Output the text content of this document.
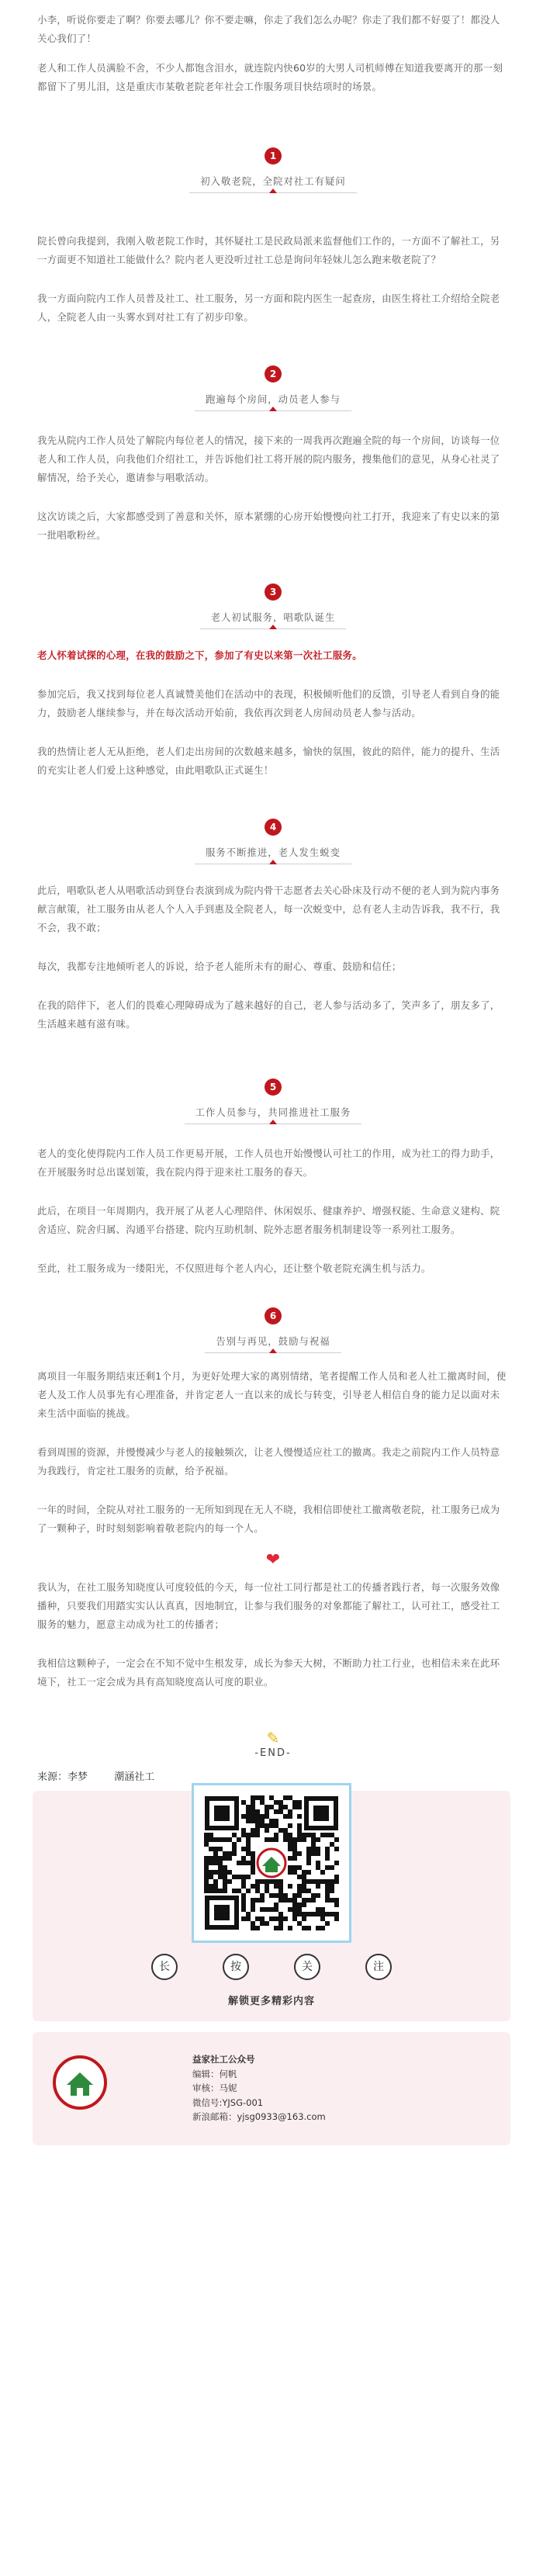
小李，听说你要走了啊？你要去哪儿？你不要走嘛，你走了我们怎么办呢？你走了我们都不好耍了！都没人关心我们了！

老人和工作人员满脸不舍，不少人都饱含泪水，就连院内快60岁的大男人司机师傅在知道我要离开的那一刻都留下了男儿泪，这是重庆市某敬老院老年社会工作服务项目快结项时的场景。

1
初入敬老院，全院对社工有疑问

院长曾向我提到，我刚入敬老院工作时，其怀疑社工是民政局派来监督他们工作的，一方面不了解社工，另一方面更不知道社工能做什么？院内老人更没听过社工总是询问年轻妹儿怎么跑来敬老院了？

我一方面向院内工作人员普及社工、社工服务，另一方面和院内医生一起查房，由医生将社工介绍给全院老人，全院老人由一头雾水到对社工有了初步印象。

2
跑遍每个房间，动员老人参与

我先从院内工作人员处了解院内每位老人的情况，接下来的一周我再次跑遍全院的每一个房间，访谈每一位老人和工作人员，向我他们介绍社工，并告诉他们社工将开展的院内服务，搜集他们的意见，从身心社灵了解情况，给予关心，邀请参与唱歌活动。

这次访谈之后，大家都感受到了善意和关怀，原本紧绷的心房开始慢慢向社工打开，我迎来了有史以来的第一批唱歌粉丝。

3
老人初试服务，唱歌队诞生

老人怀着试探的心理，在我的鼓励之下，参加了有史以来第一次社工服务。

参加完后，我又找到每位老人真诚赞美他们在活动中的表现，积极倾听他们的反馈，引导老人看到自身的能力，鼓励老人继续参与，并在每次活动开始前，我依再次到老人房间动员老人参与活动。

我的热情让老人无从拒绝，老人们走出房间的次数越来越多，愉快的氛围，彼此的陪伴，能力的提升、生活的充实让老人们爱上这种感觉，由此唱歌队正式诞生！

4
服务不断推进，老人发生蜕变

此后，唱歌队老人从唱歌活动到登台表演到成为院内骨干志愿者去关心卧床及行动不便的老人到为院内事务献言献策，社工服务由从老人个人入手到惠及全院老人，每一次蜕变中，总有老人主动告诉我，我不行，我不会，我不敢；

每次，我都专注地倾听老人的诉说，给予老人能所未有的耐心、尊重、鼓励和信任；

在我的陪伴下，老人们的畏难心理障碍成为了越来越好的自己，老人参与活动多了，笑声多了，朋友多了，生活越来越有滋有味。

5
工作人员参与，共同推进社工服务

老人的变化使得院内工作人员工作更易开展，工作人员也开始慢慢认可社工的作用，成为社工的得力助手，在开展服务时总出谋划策，我在院内得于迎来社工服务的春天。

此后，在项目一年周期内，我开展了从老人心理陪伴、休闲娱乐、健康养护、增强权能、生命意义建构、院舍适应、院舍归属、沟通平台搭建、院内互助机制、院外志愿者服务机制建设等一系列社工服务。

至此，社工服务成为一缕阳光，不仅照进每个老人内心，还让整个敬老院充满生机与活力。

6
告别与再见，鼓励与祝福

离项目一年服务期结束还剩1个月，为更好处理大家的离别情绪，笔者提醒工作人员和老人社工撤离时间，使老人及工作人员事先有心理准备，并肯定老人一直以来的成长与转变，引导老人相信自身的能力足以面对未来生活中面临的挑战。

看到周围的资源，并慢慢减少与老人的接触频次，让老人慢慢适应社工的撤离。我走之前院内工作人员特意为我践行，肯定社工服务的贡献，给予祝福。

一年的时间，全院从对社工服务的一无所知到现在无人不晓，我相信即使社工撤离敬老院，社工服务已成为了一颗种子，时时刻刻影响着敬老院内的每一个人。

❤

我认为，在社工服务知晓度认可度较低的今天，每一位社工同行都是社工的传播者践行者，每一次服务效像播种，只要我们用踏实实认认真真，因地制宜，让参与我们服务的对象都能了解社工，认可社工，感受社工服务的魅力，愿意主动成为社工的传播者；

我相信这颗种子，一定会在不知不觉中生根发芽，成长为参天大树，不断助力社工行业，也相信未来在此环境下，社工一定会成为具有高知晓度高认可度的职业。

✎
-END-
来源：李梦	潮涵社工
长	按	关	注
解锁更多精彩内容
益家社工公众号
编辑：何帆
审核：马妮
微信号:YJSG-001
新浪邮箱：yjsg0933@163.com
